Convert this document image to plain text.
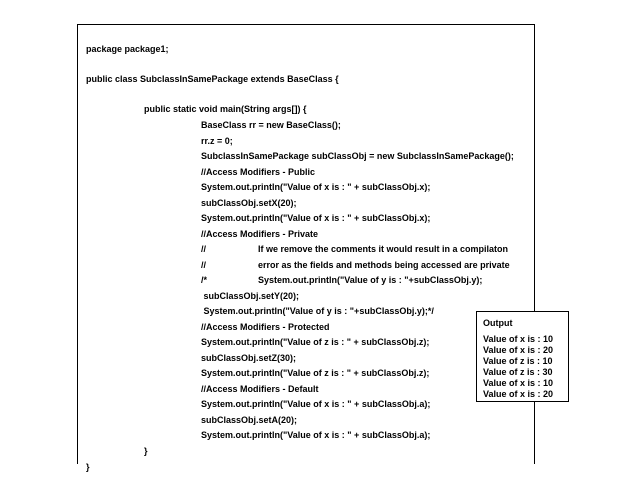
package package1;
public class SubclassInSamePackage extends BaseClass {
public static void main(String args[]) {
BaseClass rr = new BaseClass();
rr.z = 0;
SubclassInSamePackage subClassObj = new SubclassInSamePackage();
//Access Modifiers - Public
System.out.println("Value of x is : " + subClassObj.x);
subClassObj.setX(20);
System.out.println("Value of x is : " + subClassObj.x);
//Access Modifiers - Private
//	If we remove the comments it would result in a compilaton
//	error as the fields and methods being accessed are private
/*	System.out.println("Value of y is : "+subClassObj.y);
subClassObj.setY(20);
System.out.println("Value of y is : "+subClassObj.y);*/
//Access Modifiers - Protected
System.out.println("Value of z is : " + subClassObj.z);
subClassObj.setZ(30);
System.out.println("Value of z is : " + subClassObj.z);
//Access Modifiers - Default
System.out.println("Value of x is : " + subClassObj.a);
subClassObj.setA(20);
System.out.println("Value of x is : " + subClassObj.a);
}
}
Output
Value of x is : 10
Value of x is : 20
Value of z is : 10
Value of z is : 30
Value of x is : 10
Value of x is : 20
